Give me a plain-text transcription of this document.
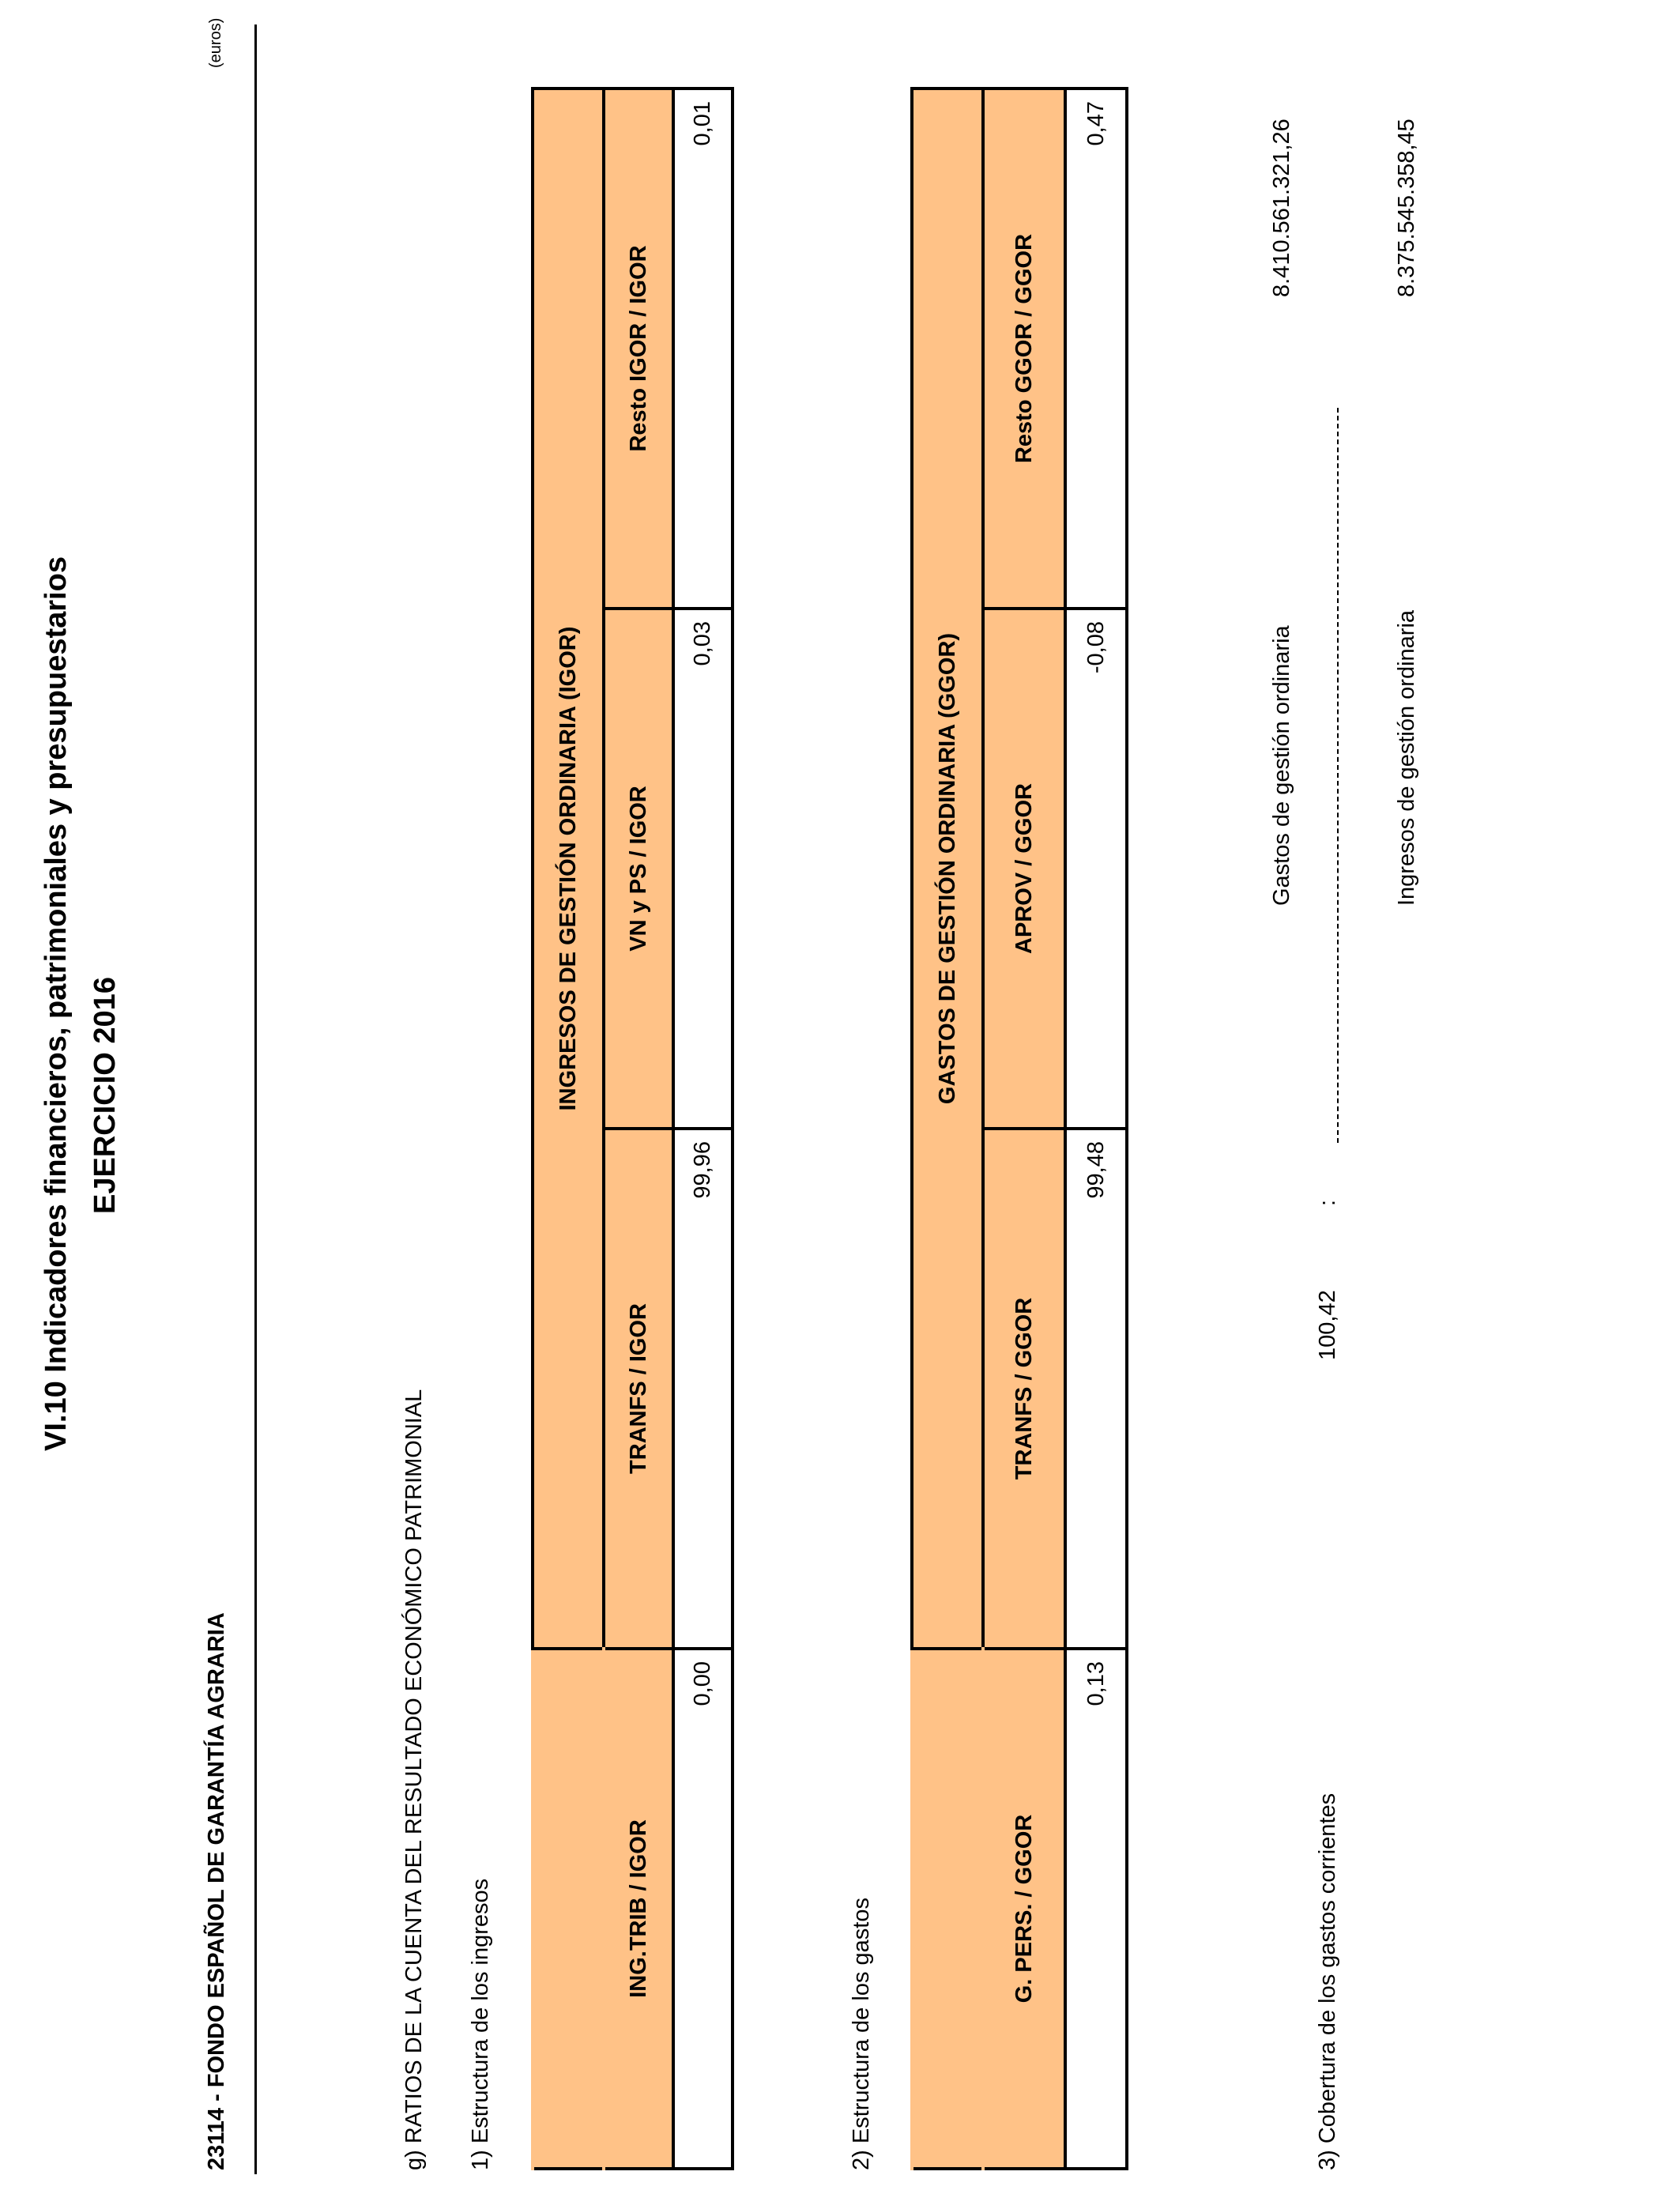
VI.10 Indicadores financieros, patrimoniales y presupuestarios EJERCICIO 2016
23114 - FONDO ESPAÑOL DE GARANTÍA AGRARIA
(euros)
g) RATIOS DE LA CUENTA DEL RESULTADO ECONÓMICO PATRIMONIAL 1) Estructura de los ingresos
	INGRESOS DE GESTIÓN ORDINARIA (IGOR)		
ING.TRIB / IGOR	TRANFS / IGOR	VN y PS / IGOR	Resto IGOR / IGOR
0,00	99,96	0,03	0,01
2) Estructura de los gastos
	GASTOS DE GESTIÓN ORDINARIA (GGOR)		
G. PERS. / GGOR	TRANFS / GGOR	APROV / GGOR	Resto GGOR / GGOR
0,13	99,48	-0,08	0,47
3) Cobertura de los gastos corrientes
100,42
:
Gastos de gestión ordinaria
8.410.561.321,26
Ingresos de gestión ordinaria
8.375.545.358,45
